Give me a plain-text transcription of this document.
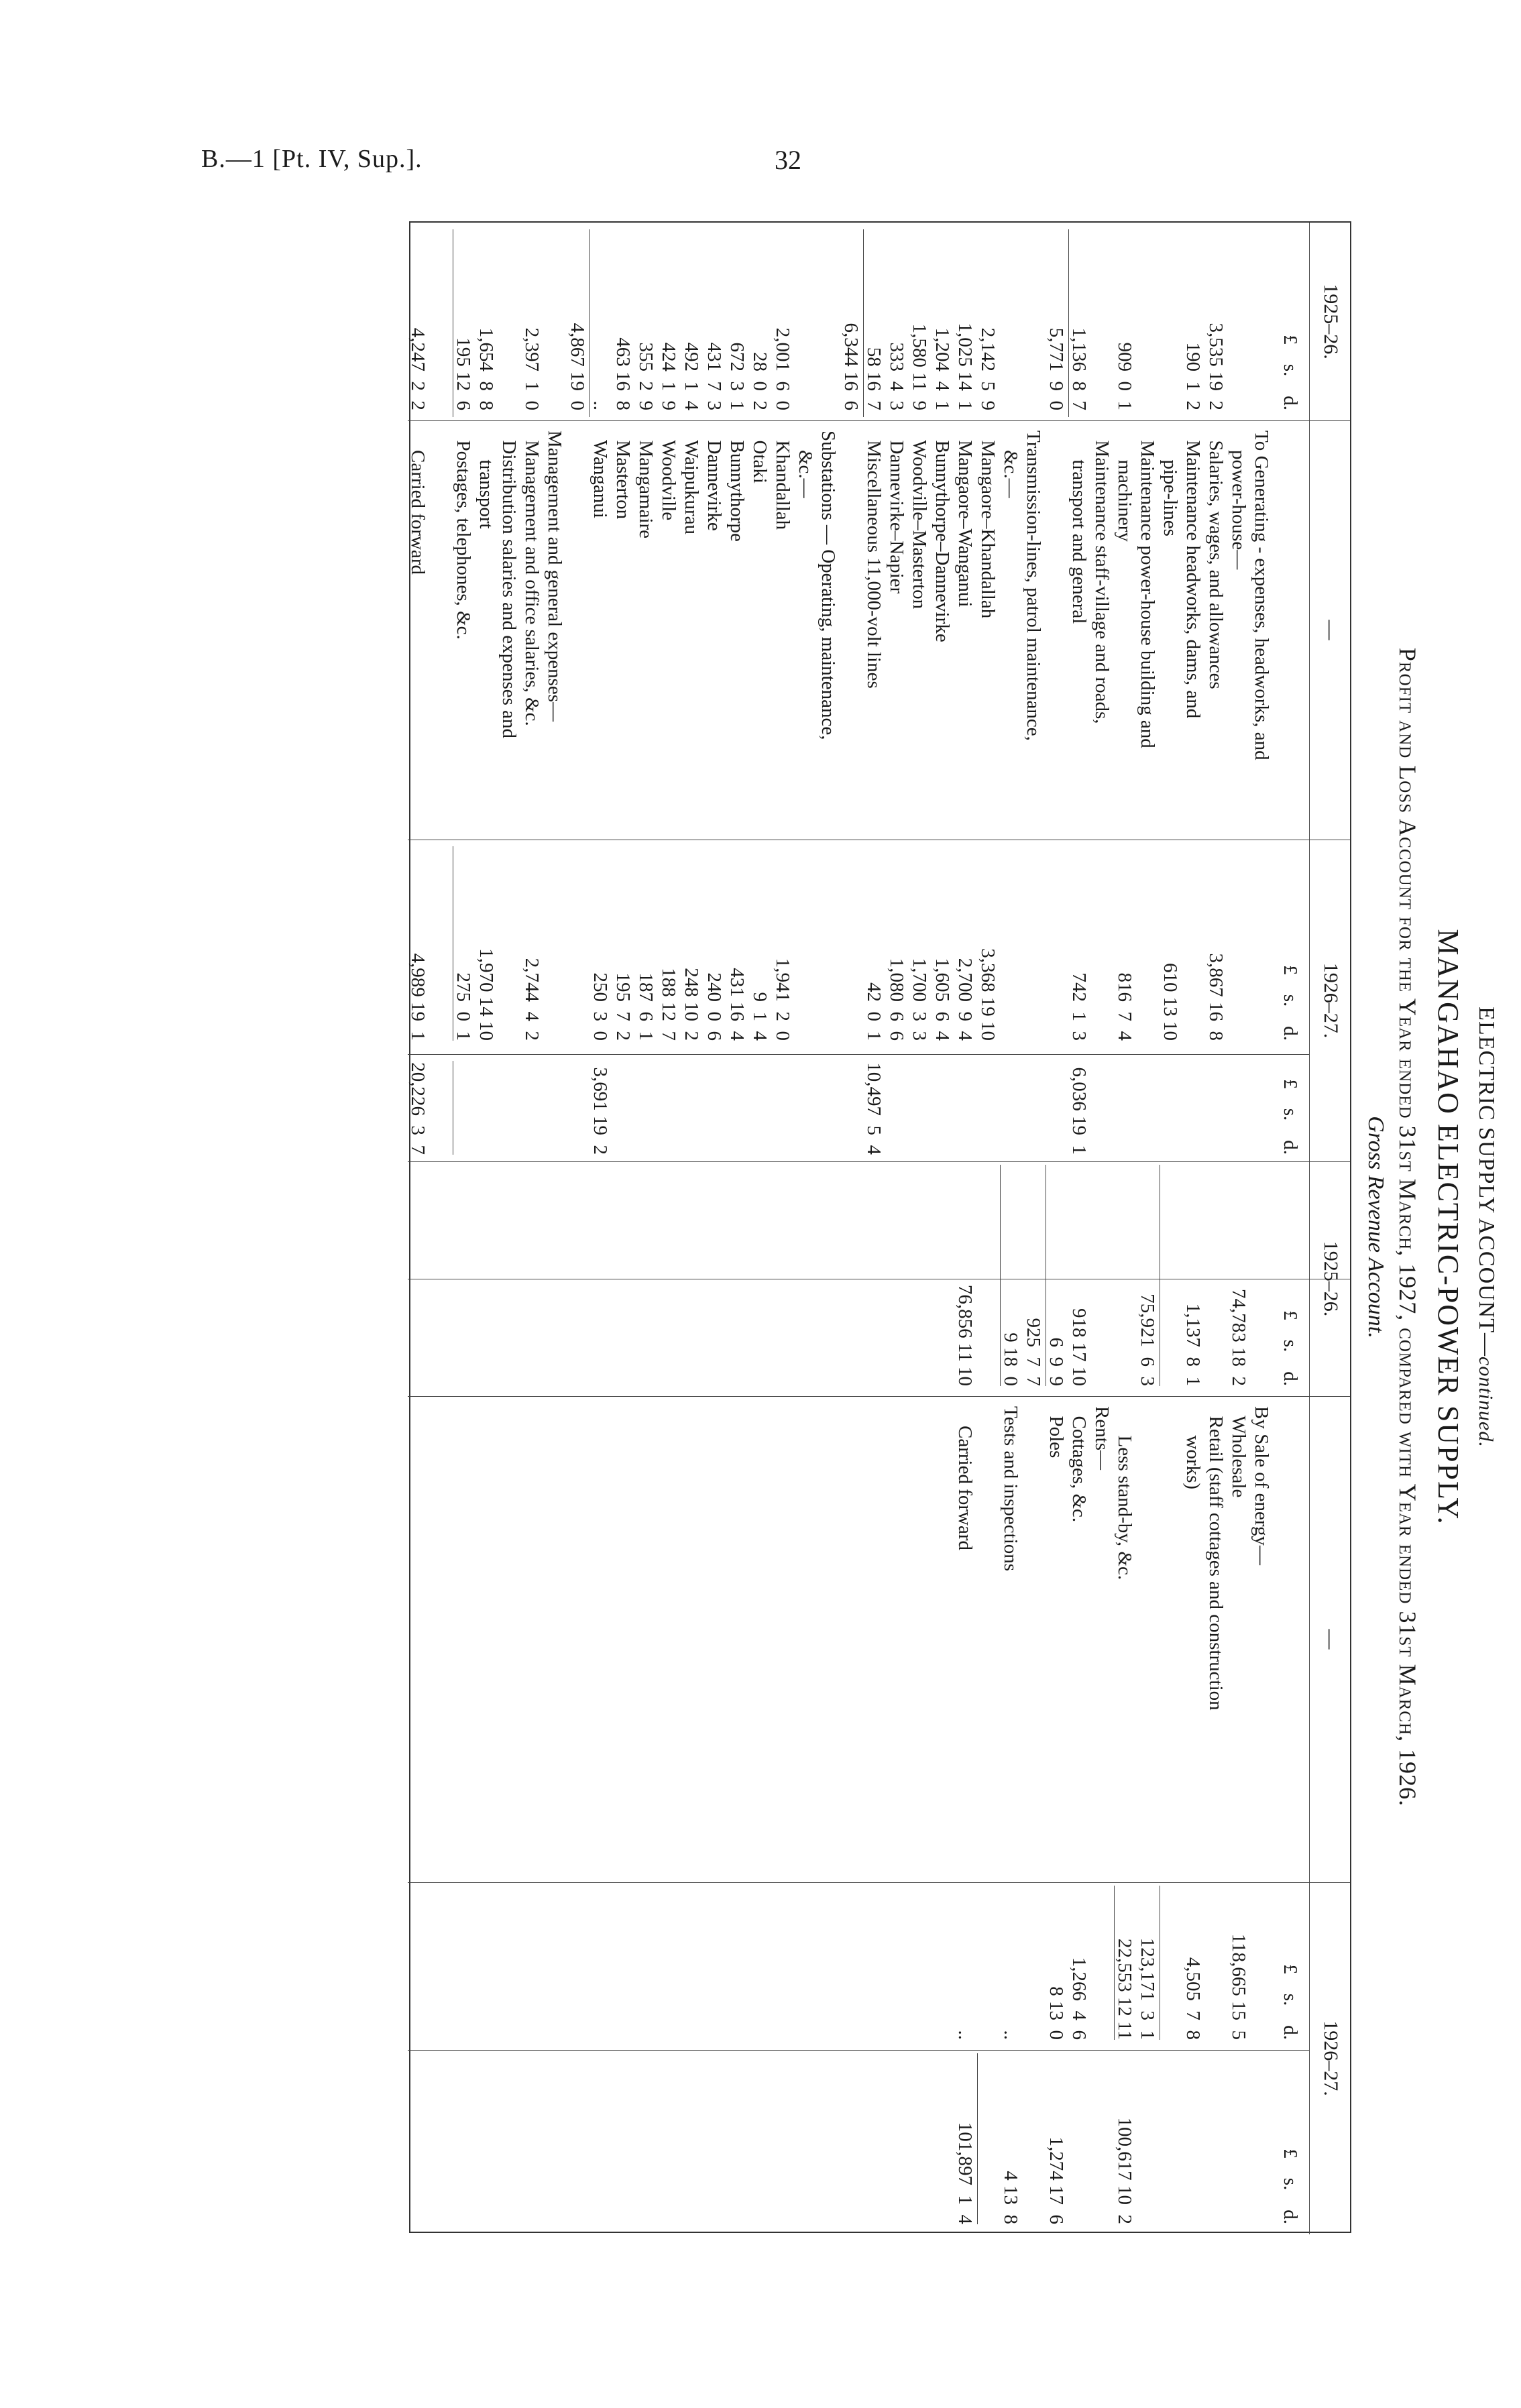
B.—1 [Pt. IV, Sup.].	32
ELECTRIC SUPPLY ACCOUNT—continued.
MANGAHAO ELECTRIC-POWER SUPPLY.
Profit and Loss Account for the Year ended 31st March, 1927, compared with Year ended 31st March, 1926.
Gross Revenue Account.
1925–26.
—
1926–27.
1925–26.
—
1926–27.
£    s.    d.
£    s.    d.
£    s.    d.
£    s.    d.
£    s.    d.
£    s.    d.
To Generating - expenses, headworks, and
power-house—
3,535 19  2
Salaries, wages, and allowances
3,867 16  8
190  1  2
Maintenance headworks, dams, and
pipe-lines
610 13 10
Maintenance power-house building and
909  0  1
machinery
816  7  4
Maintenance staff-village and roads,
1,136  8  7
transport and general
742  1  3
6,036 19  1
5,771  9  0
Transmission-lines, patrol maintenance,
&c.—
2,142  5  9
Mangaore–Khandallah
3,368 19 10
1,025 14  1
Mangaore–Wanganui
2,700  9  4
1,204  4  1
Bunnythorpe–Dannevirke
1,605  6  4
1,580 11  9
Woodville–Masterton
1,700  3  3
333  4  3
Dannevirke–Napier
1,080  6  6
58 16  7
Miscellaneous 11,000-volt lines
42  0  1
10,497  5  4
6,344 16  6
Substations — Operating, maintenance,
&c.—
2,001  6  0
Khandallah
1,941  2  0
28  0  2
Otaki
9  1  4
672  3  1
Bunnythorpe
431 16  4
431  7  3
Dannevirke
240  0  6
492  1  4
Waipukurau
248 10  2
424  1  9
Woodville
188 12  7
355  2  9
Mangamaire
187  6  1
463 16  8
Masterton
195  7  2
..
Wanganui
250  3  0
3,691 19  2
4,867 19  0
Management and general expenses—
2,397  1  0
Management and office salaries, &c.
2,744  4  2
Distribution salaries and expenses and
1,654  8  8
transport
1,970 14 10
195 12  6
Postages, telephones, &c.
275  0  1
4,247  2  2
Carried forward
4,989 19  1
20,226  3  7
By Sale of energy—
74,783 18  2
Wholesale
118,665 15  5
Retail (staff cottages and construction
1,137  8  1
works)
4,505  7  8
75,921  6  3
123,171  3  1
Less stand-by, &c.
22,553 12 11
100,617 10  2
Rents—
918 17 10
Cottages, &c.
1,266  4  6
6  9  9
Poles
8 13  0
1,274 17  6
925  7  7
9 18  0
Tests and inspections
..
4 13  8
76,856 11 10
Carried forward
..
101,897  1  4
